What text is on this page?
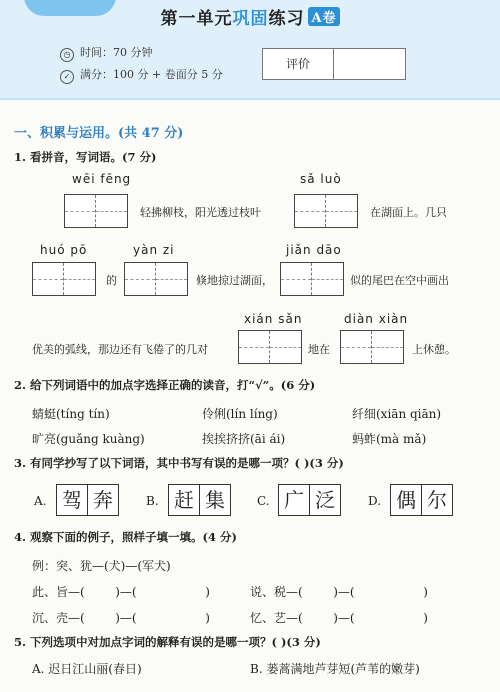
第一单元巩固练习 A卷
◷ 时间：70 分钟
✓ 满分：100 分 + 卷面分 5 分
评价
一、积累与运用。(共 47 分)
1. 看拼音，写词语。(7 分)
wēi fēng
轻拂柳枝，阳光透过枝叶
sǎ luò
在湖面上。几只
huó pō
的
yàn zi
倏地掠过湖面，
jiǎn dāo
似的尾巴在空中画出
优美的弧线，那边还有飞倦了的几对
xián sǎn
地在
diàn xiàn
上休憩。
2. 给下列词语中的加点字选择正确的读音，打“√”。(6 分)
蜻蜓(tíng tín)	伶俐(lín líng)	纤细(xiān qiān)
旷亮(guǎng kuàng)	挨挨挤挤(āi ái)	蚂蚱(mà mǎ)
3. 有同学抄写了以下词语，其中书写有误的是哪一项？( )(3 分)
A. 驾 奔	B. 赶 集	C. 广 泛	D. 偶 尔
4. 观察下面的例子，照样子填一填。(4 分)
例：突、犹—(犬)—(军犬)
此、旨—(        )—(                  )	说、税—(        )—(                  )
沉、壳—(        )—(                  )	忆、艺—(        )—(                  )
5. 下列选项中对加点字词的解释有误的是哪一项？( )(3 分)
A. 迟日江山丽(春日)	B. 蒌蒿满地芦芽短(芦苇的嫩芽)
